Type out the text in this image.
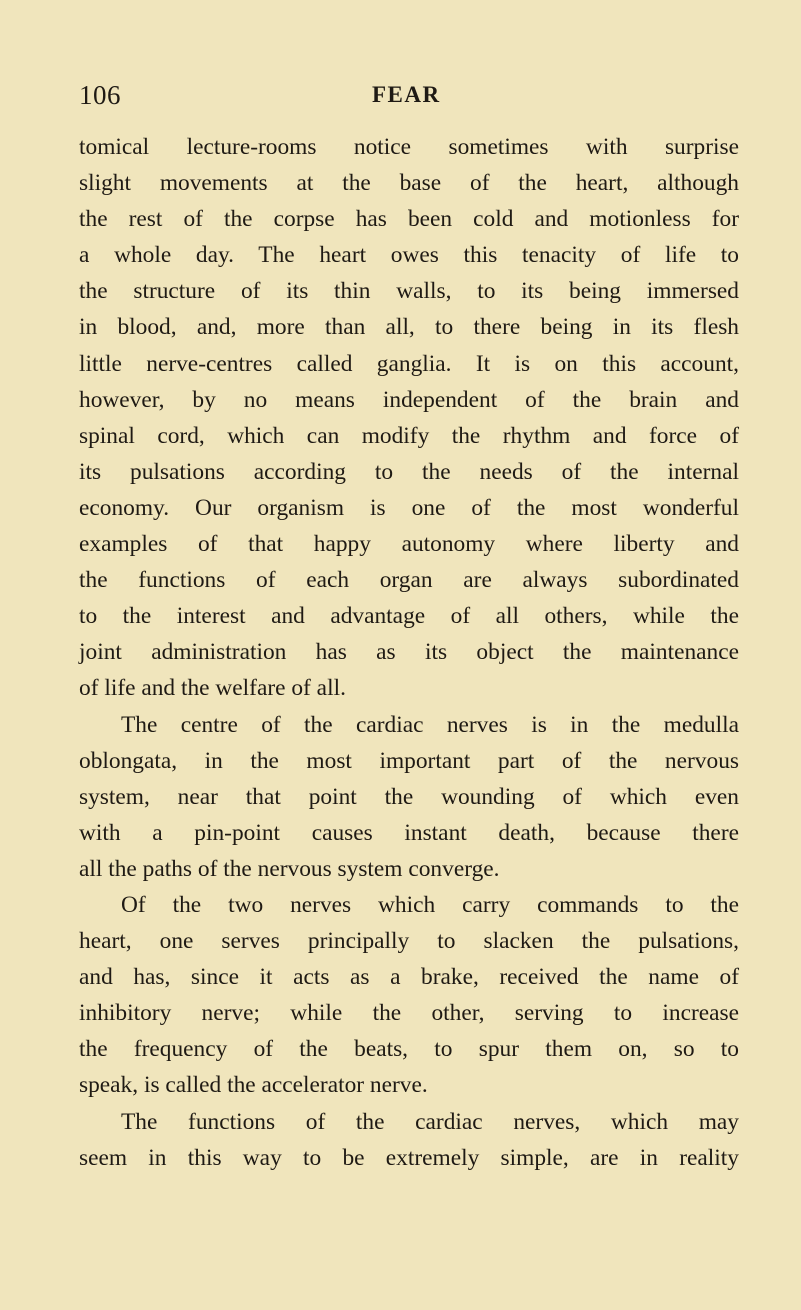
106	FEAR

tomical lecture-rooms notice sometimes with surprise
slight movements at the base of the heart, although
the rest of the corpse has been cold and motionless for
a whole day. The heart owes this tenacity of life to
the structure of its thin walls, to its being immersed
in blood, and, more than all, to there being in its flesh
little nerve-centres called ganglia. It is on this account,
however, by no means independent of the brain and
spinal cord, which can modify the rhythm and force of
its pulsations according to the needs of the internal
economy. Our organism is one of the most wonderful
examples of that happy autonomy where liberty and
the functions of each organ are always subordinated
to the interest and advantage of all others, while the
joint administration has as its object the maintenance
of life and the welfare of all.

The centre of the cardiac nerves is in the medulla
oblongata, in the most important part of the nervous
system, near that point the wounding of which even
with a pin-point causes instant death, because there
all the paths of the nervous system converge.

Of the two nerves which carry commands to the
heart, one serves principally to slacken the pulsations,
and has, since it acts as a brake, received the name of
inhibitory nerve; while the other, serving to increase
the frequency of the beats, to spur them on, so to
speak, is called the accelerator nerve.

The functions of the cardiac nerves, which may
seem in this way to be extremely simple, are in reality
